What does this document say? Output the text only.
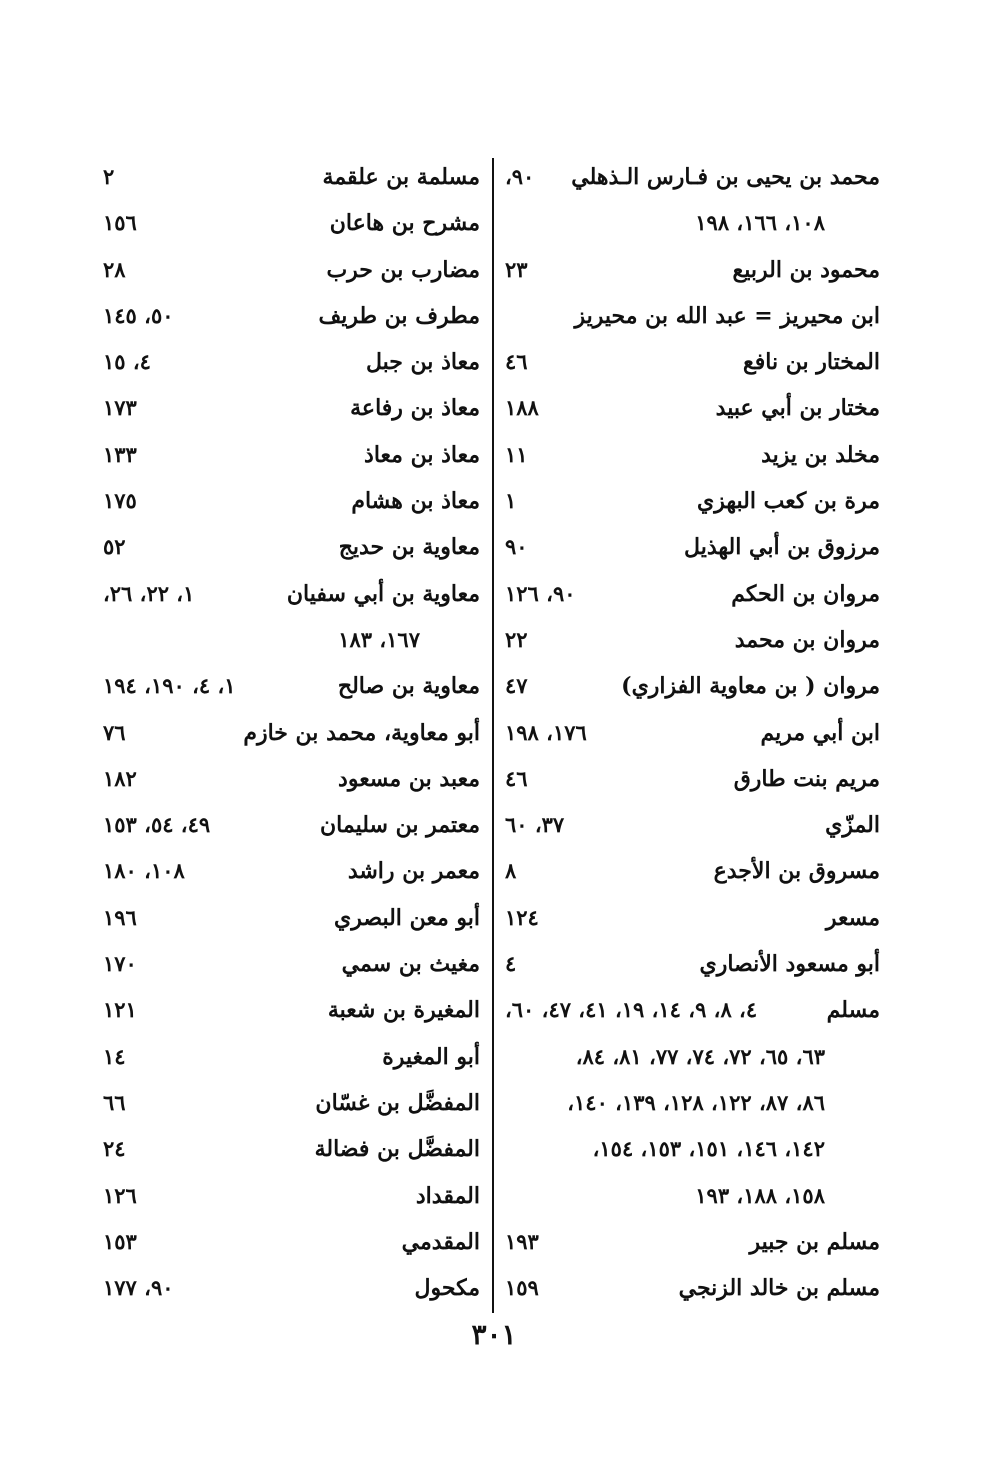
محمد بن يحيى بن فـارس الـذهلي
٩٠،
١٠٨، ١٦٦، ١٩٨
محمود بن الربيع
٢٣
ابن محيريز = عبد الله بن محيريز
المختار بن نافع
٤٦
مختار بن أبي عبيد
١٨٨
مخلد بن يزيد
١١
مرة بن كعب البهزي
١
مرزوق بن أبي الهذيل
٩٠
مروان بن الحكم
٩٠، ١٢٦
مروان بن محمد
٢٢
مروان ( بن معاوية الفزاري)
٤٧
ابن أبي مريم
١٧٦، ١٩٨
مريم بنت طارق
٤٦
المزّي
٣٧، ٦٠
مسروق بن الأجدع
٨
مسعر
١٢٤
أبو مسعود الأنصاري
٤
مسلم
٤، ٨، ٩، ١٤، ١٩، ٤١، ٤٧، ٦٠،
٦٣، ٦٥، ٧٢، ٧٤، ٧٧، ٨١، ٨٤،
٨٦، ٨٧، ١٢٢، ١٢٨، ١٣٩، ١٤٠،
١٤٢، ١٤٦، ١٥١، ١٥٣، ١٥٤،
١٥٨، ١٨٨، ١٩٣
مسلم بن جبير
١٩٣
مسلم بن خالد الزنجي
١٥٩
مسلمة بن علقمة
٢
مشرح بن هاعان
١٥٦
مضارب بن حرب
٢٨
مطرف بن طريف
٥٠، ١٤٥
معاذ بن جبل
٤، ١٥
معاذ بن رفاعة
١٧٣
معاذ بن معاذ
١٣٣
معاذ بن هشام
١٧٥
معاوية بن حديج
٥٢
معاوية بن أبي سفيان
١، ٢٢، ٢٦،
١٦٧، ١٨٣
معاوية بن صالح
١، ٤، ١٩٠، ١٩٤
أبو معاوية، محمد بن خازم
٧٦
معبد بن مسعود
١٨٢
معتمر بن سليمان
٤٩، ٥٤، ١٥٣
معمر بن راشد
١٠٨، ١٨٠
أبو معن البصري
١٩٦
مغيث بن سمي
١٧٠
المغيرة بن شعبة
١٢١
أبو المغيرة
١٤
المفضَّل بن غسّان
٦٦
المفضَّل بن فضالة
٢٤
المقداد
١٢٦
المقدمي
١٥٣
مكحول
٩٠، ١٧٧
٣٠١
